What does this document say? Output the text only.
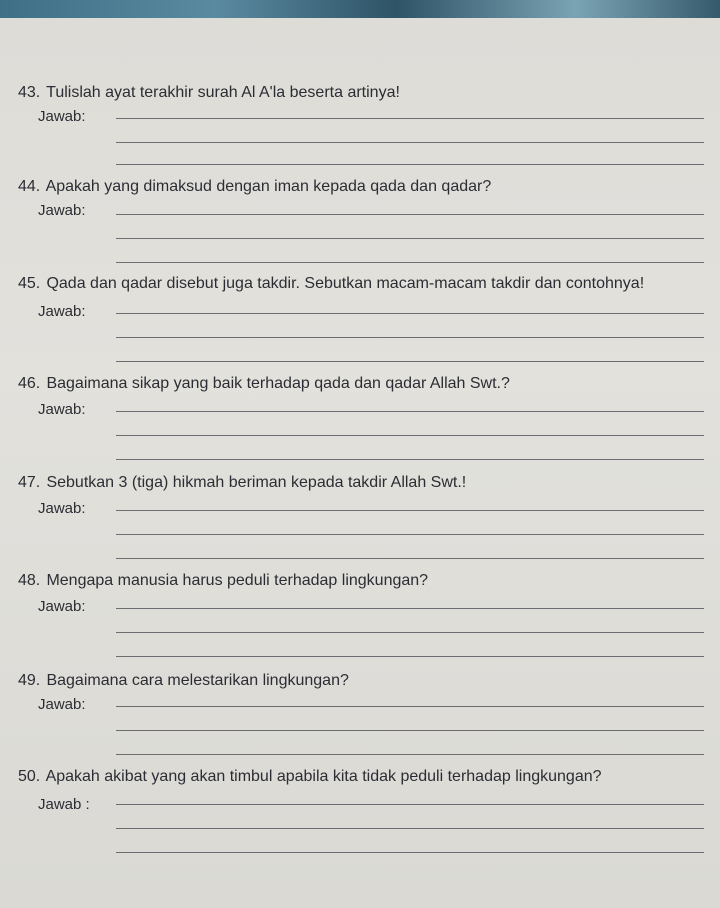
43. Tulislah ayat terakhir surah Al A'la beserta artinya!
Jawab:
44. Apakah yang dimaksud dengan iman kepada qada dan qadar?
Jawab:
45. Qada dan qadar disebut juga takdir. Sebutkan macam-macam takdir dan contohnya!
Jawab:
46. Bagaimana sikap yang baik terhadap qada dan qadar Allah Swt.?
Jawab:
47. Sebutkan 3 (tiga) hikmah beriman kepada takdir Allah Swt.!
Jawab:
48. Mengapa manusia harus peduli terhadap lingkungan?
Jawab:
49. Bagaimana cara melestarikan lingkungan?
Jawab:
50. Apakah akibat yang akan timbul apabila kita tidak peduli terhadap lingkungan?
Jawab :
